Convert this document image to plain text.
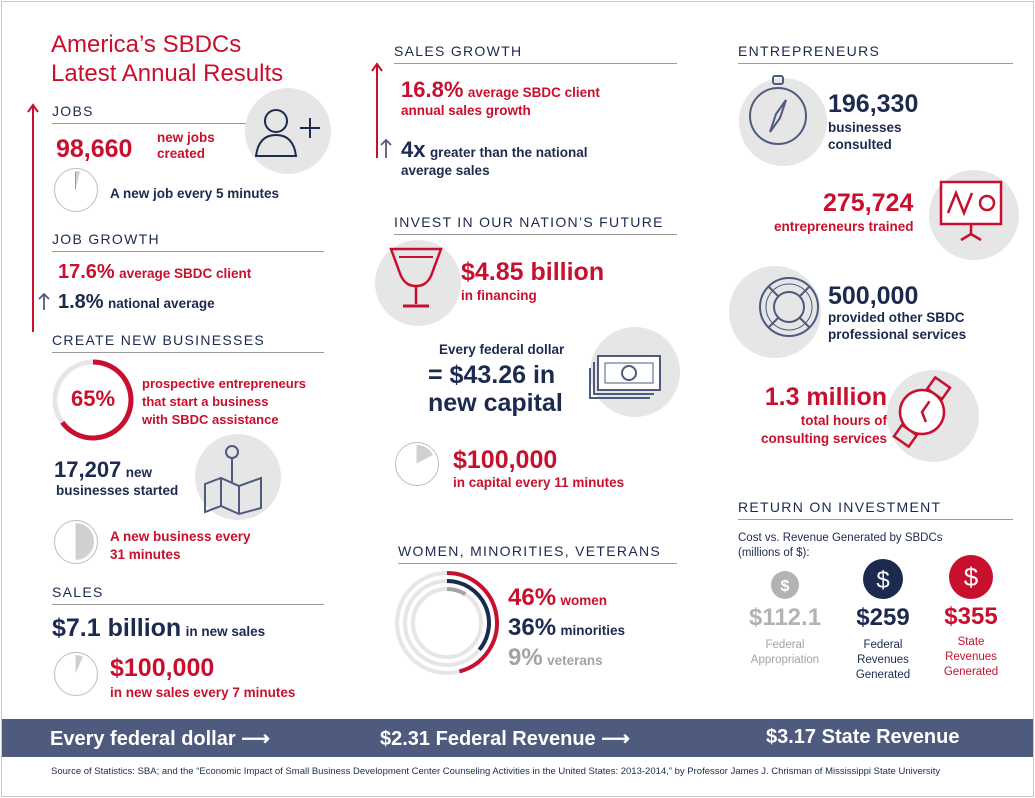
America’s SBDCs
Latest Annual Results
JOBS
98,660 new jobs
created
A new job every 5 minutes
JOB GROWTH
17.6% average SBDC client
1.8% national average
CREATE NEW BUSINESSES
65%
prospective entrepreneurs
that start a business
with SBDC assistance
17,207 new
businesses started
A new business every
31 minutes
SALES
$7.1 billion in new sales
$100,000
in new sales every 7 minutes
SALES GROWTH
16.8% average SBDC client
annual sales growth
4x greater than the national
average sales
INVEST IN OUR NATION’S FUTURE
$4.85 billion
in financing
Every federal dollar
= $43.26 in
new capital
$100,000
in capital every 11 minutes
WOMEN, MINORITIES, VETERANS
46% women
36% minorities
9% veterans
ENTREPRENEURS
196,330
businesses
consulted
275,724
entrepreneurs trained
500,000
provided other SBDC
professional services
1.3 million
total hours of
consulting services
RETURN ON INVESTMENT
Cost vs. Revenue Generated by SBDCs
(millions of $):
$
$112.1
Federal
Appropriation
$
$259
Federal
Revenues
Generated
$
$355
State
Revenues
Generated
Every federal dollar ⟶	$2.31 Federal Revenue ⟶	$3.17 State Revenue
Source of Statistics: SBA; and the “Economic Impact of Small Business Development Center Counseling Activities in the United States: 2013-2014,” by Professor James J. Chrisman of Mississippi State University
